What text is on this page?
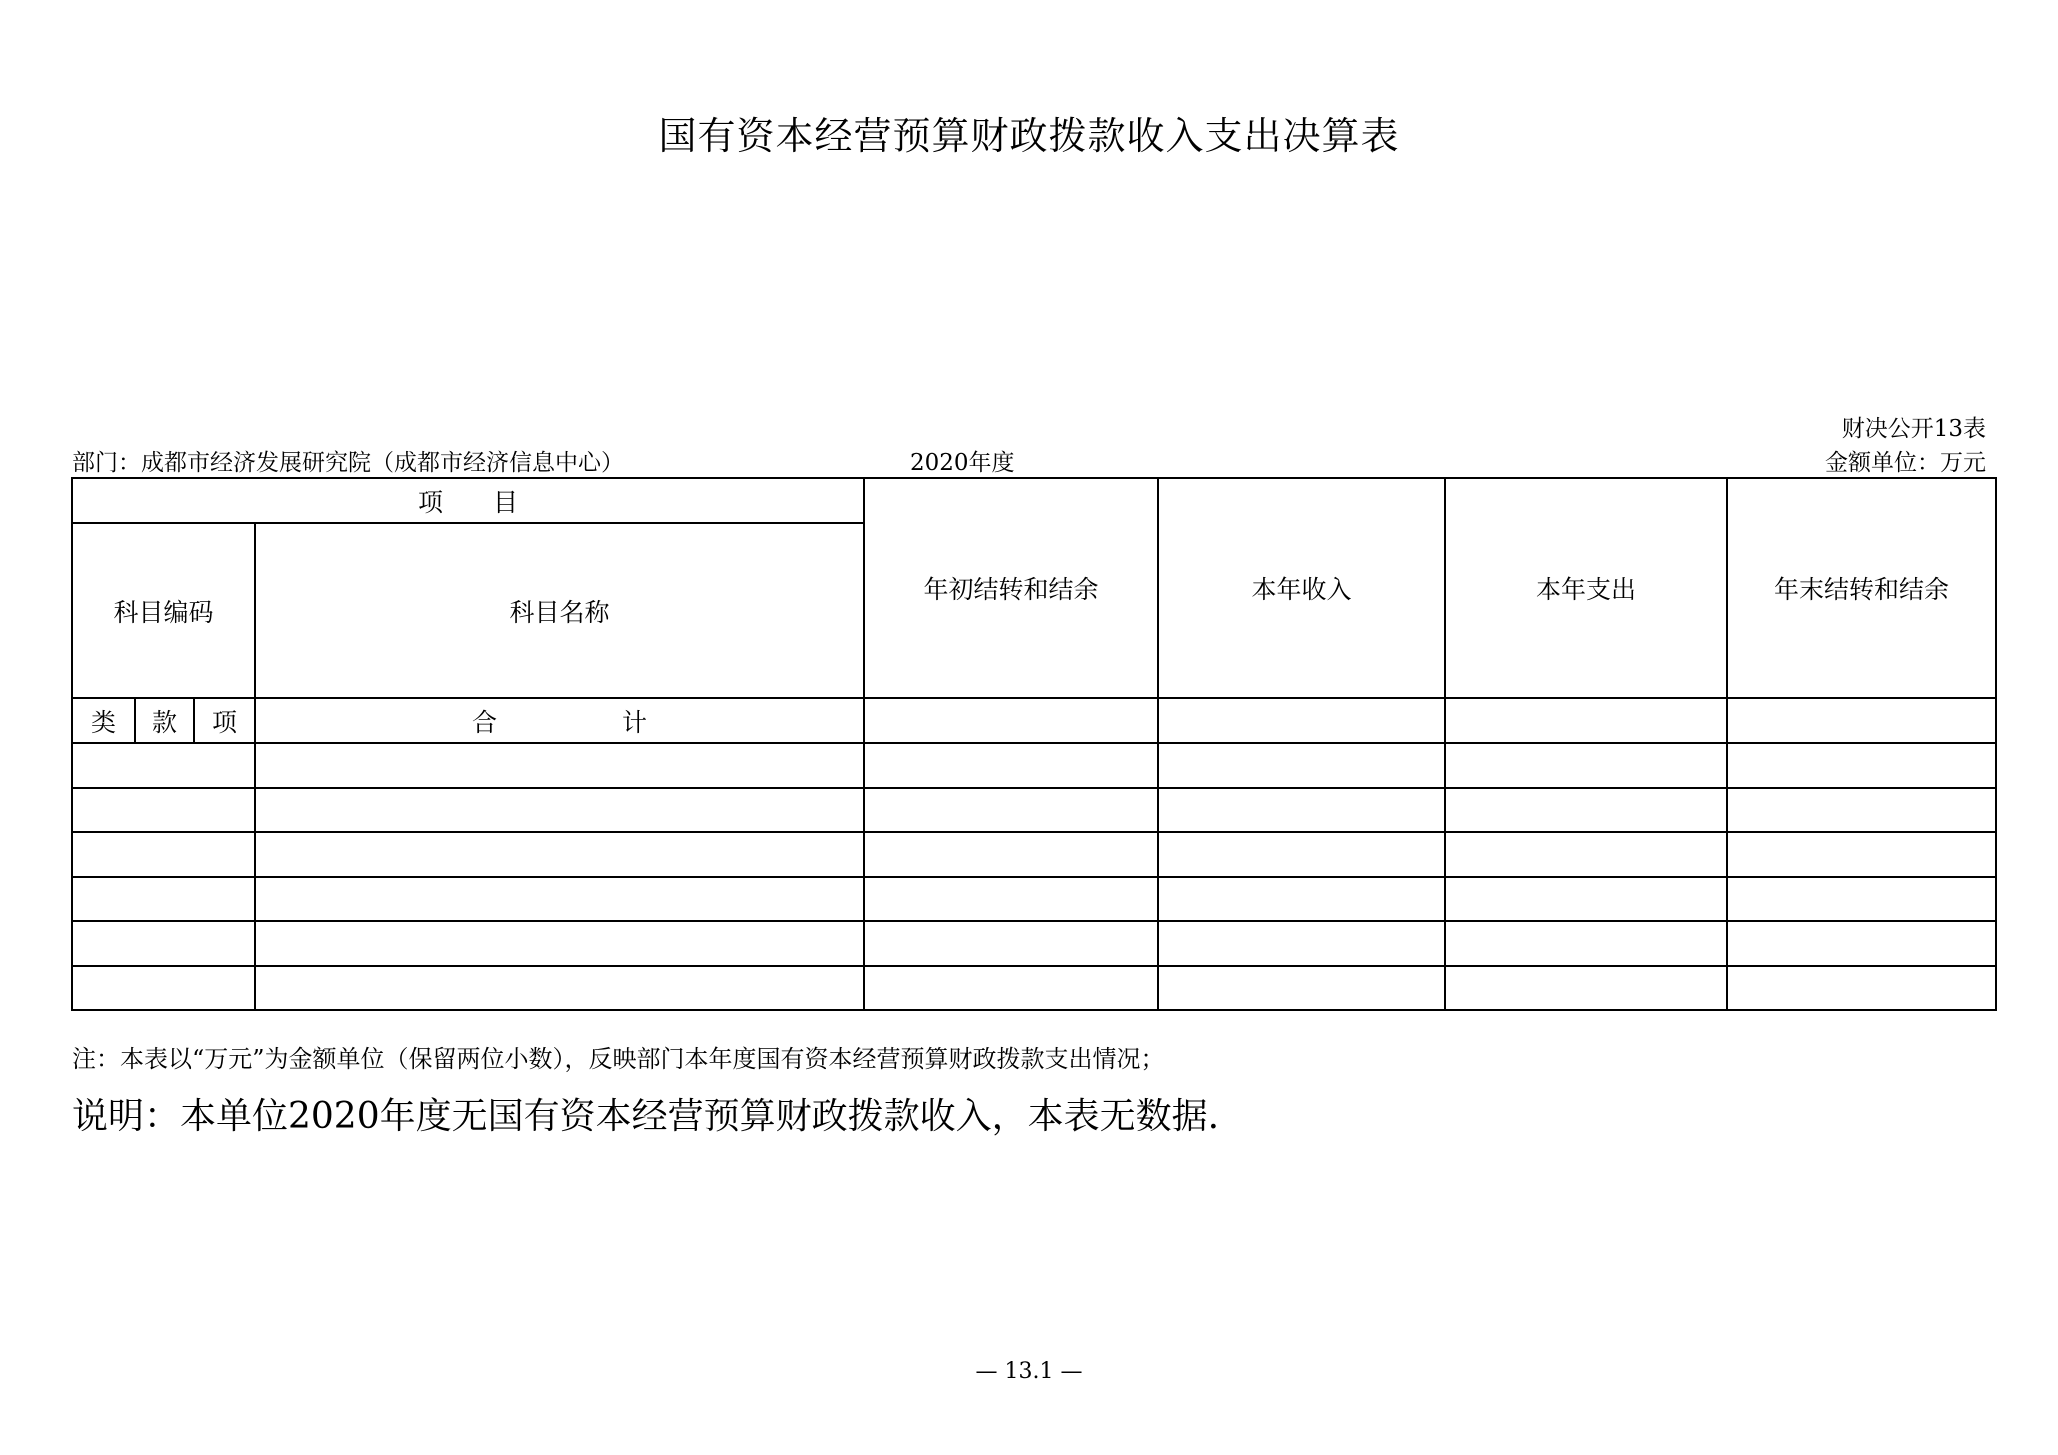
国有资本经营预算财政拨款收入支出决算表
部门：成都市经济发展研究院（成都市经济信息中心）	2020年度
财决公开13表
金额单位：万元
项　　目				年初结转和结余	本年收入	本年支出	年末结转和结余
科目编码			科目名称				
类	款	项	合　　　　　计				

注：本表以“万元”为金额单位（保留两位小数），反映部门本年度国有资本经营预算财政拨款支出情况；
说明：本单位2020年度无国有资本经营预算财政拨款收入，本表无数据.
— 13.1 —
